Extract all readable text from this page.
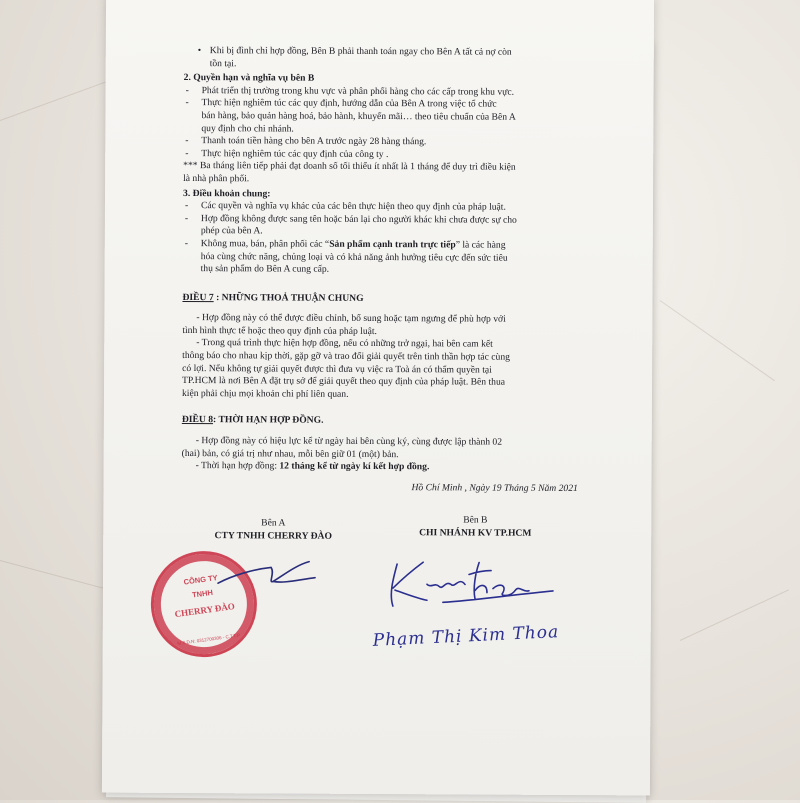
• Khi bị đình chỉ hợp đồng, Bên B phải thanh toán ngay cho Bên A tất cả nợ còn
tồn tại.
2. Quyền hạn và nghĩa vụ bên B
- Phát triển thị trường trong khu vực và phân phối hàng cho các cấp trong khu vực.
- Thực hiện nghiêm túc các quy định, hướng dẫn của Bên A trong việc tổ chức
bán hàng, bảo quản hàng hoá, bảo hành, khuyến mãi… theo tiêu chuẩn của Bên A
quy định cho chi nhánh.
- Thanh toán tiền hàng cho bên A trước ngày 28 hàng tháng.
- Thực hiện nghiêm túc các quy định của công ty .
*** Ba tháng liên tiếp phải đạt doanh số tối thiểu ít nhất là 1 tháng để duy trì điều kiện
là nhà phân phối.
3. Điều khoản chung:
- Các quyền và nghĩa vụ khác của các bên thực hiện theo quy định của pháp luật.
- Hợp đồng không được sang tên hoặc bán lại cho người khác khi chưa được sự cho
phép của bên A.
- Không mua, bán, phân phối các “Sản phẩm cạnh tranh trực tiếp” là các hàng
hóa cùng chức năng, chủng loại và có khả năng ảnh hưởng tiêu cực đến sức tiêu
thụ sản phẩm do Bên A cung cấp.
ĐIỀU 7 : NHỮNG THOẢ THUẬN CHUNG
- Hợp đồng này có thể được điều chỉnh, bổ sung hoặc tạm ngưng để phù hợp với
tình hình thực tế hoặc theo quy định của pháp luật.
- Trong quá trình thực hiện hợp đồng, nếu có những trở ngại, hai bên cam kết
thông báo cho nhau kịp thời, gặp gỡ và trao đổi giải quyết trên tinh thần hợp tác cùng
có lợi. Nếu không tự giải quyết được thì đưa vụ việc ra Toà án có thẩm quyền tại
TP.HCM là nơi Bên A đặt trụ sở để giải quyết theo quy định của pháp luật. Bên thua
kiện phải chịu mọi khoản chi phí liên quan.
ĐIỀU 8: THỜI HẠN HỢP ĐỒNG.
- Hợp đồng này có hiệu lực kể từ ngày hai bên cùng ký, cùng được lập thành 02
(hai) bản, có giá trị như nhau, mỗi bên giữ 01 (một) bản.
- Thời hạn hợp đồng: 12 tháng kể từ ngày kí kết hợp đồng.
Hồ Chí Minh , Ngày 19 Tháng 5 Năm 2021
Bên A
CTY TNHH CHERRY ĐÀO
Bên B
CHI NHÁNH KV TP.HCM
CÔNG TY
TNHH
CHERRY ĐÀO
M.S.D.N: 0312700306 - C.T.T.P	Phạm Thị Kim Thoa
